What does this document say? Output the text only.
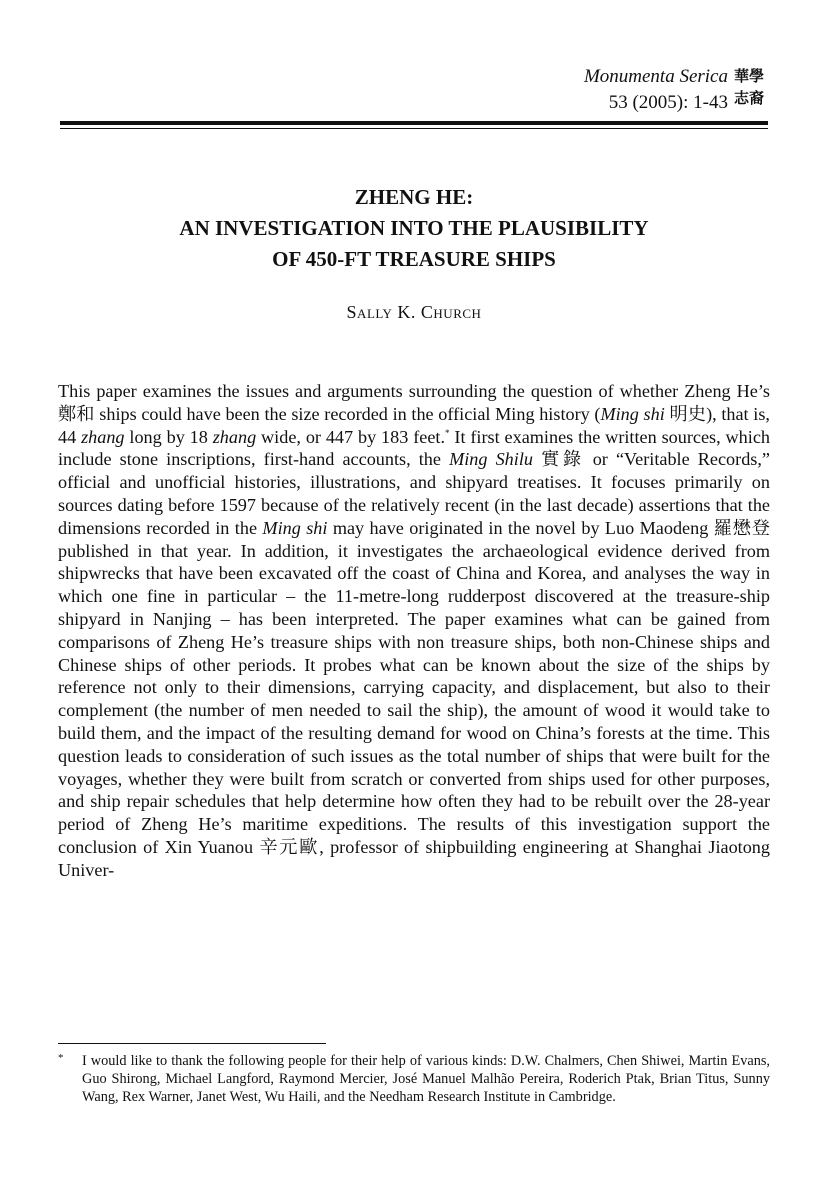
Monumenta Serica
53 (2005): 1-43
華學
志裔
ZHENG HE:
AN INVESTIGATION INTO THE PLAUSIBILITY
OF 450-FT TREASURE SHIPS
Sally K. Church

This paper examines the issues and arguments surrounding the question of whether Zheng He’s 鄭和 ships could have been the size recorded in the official Ming history (Ming shi 明史), that is, 44 zhang long by 18 zhang wide, or 447 by 183 feet.* It first examines the written sources, which include stone inscriptions, first-hand accounts, the Ming Shilu 實錄 or “Veritable Records,” official and unofficial histories, illustrations, and shipyard treatises. It focuses primarily on sources dating before 1597 because of the relatively recent (in the last decade) assertions that the dimensions recorded in the Ming shi may have originated in the novel by Luo Maodeng 羅懋登 published in that year. In addition, it investigates the archaeological evidence derived from shipwrecks that have been excavated off the coast of China and Korea, and analyses the way in which one fine in particular – the 11-metre-long rudderpost discovered at the treasure-ship shipyard in Nanjing – has been interpreted. The paper examines what can be gained from comparisons of Zheng He’s treasure ships with non treasure ships, both non-Chinese ships and Chinese ships of other periods. It probes what can be known about the size of the ships by reference not only to their dimensions, carrying capacity, and displacement, but also to their complement (the number of men needed to sail the ship), the amount of wood it would take to build them, and the impact of the resulting demand for wood on China’s forests at the time. This question leads to consideration of such issues as the total number of ships that were built for the voyages, whether they were built from scratch or converted from ships used for other purposes, and ship repair schedules that help determine how often they had to be rebuilt over the 28-year period of Zheng He’s maritime expeditions. The results of this investigation support the conclusion of Xin Yuanou 辛元歐, professor of shipbuilding engineering at Shanghai Jiaotong Univer-

* I would like to thank the following people for their help of various kinds: D.W. Chalmers, Chen Shiwei, Martin Evans, Guo Shirong, Michael Langford, Raymond Mercier, José Manuel Malhão Pereira, Roderich Ptak, Brian Titus, Sunny Wang, Rex Warner, Janet West, Wu Haili, and the Needham Research Institute in Cambridge.
